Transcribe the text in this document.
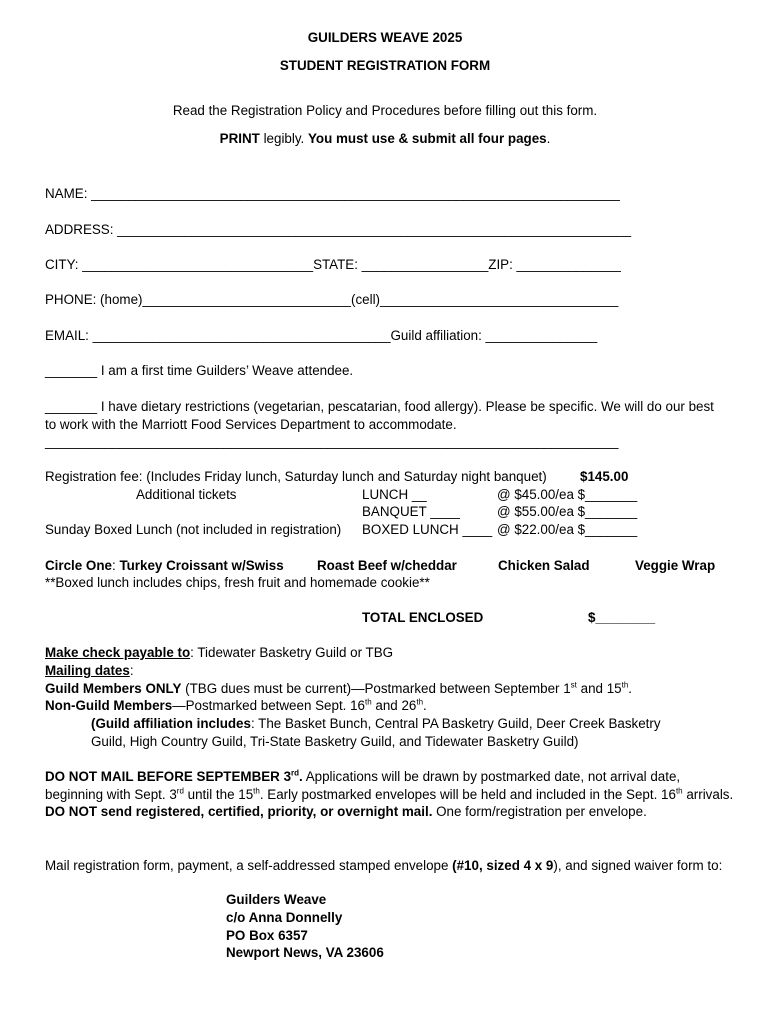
GUILDERS WEAVE 2025
STUDENT REGISTRATION FORM
Read the Registration Policy and Procedures before filling out this form.
PRINT legibly. You must use & submit all four pages.
NAME: _______________________________________________________________________
ADDRESS: _____________________________________________________________________
CITY: _______________________________STATE: _________________ZIP: ______________
PHONE: (home)____________________________(cell)________________________________
EMAIL: ________________________________________Guild affiliation: _______________
_______ I am a first time Guilders’ Weave attendee.
_______ I have dietary restrictions (vegetarian, pescatarian, food allergy). Please be specific. We will do our best
to work with the Marriott Food Services Department to accommodate.
_____________________________________________________________________________
Registration fee: (Includes Friday lunch, Saturday lunch and Saturday night banquet) $145.00
Additional tickets	LUNCH __	@ $45.00/ea $_______
BANQUET ____	@ $55.00/ea $_______
Sunday Boxed Lunch (not included in registration) BOXED LUNCH ____ @ $22.00/ea $_______
Circle One: Turkey Croissant w/Swiss Roast Beef w/cheddar	Chicken Salad	Veggie Wrap
**Boxed lunch includes chips, fresh fruit and homemade cookie**
TOTAL ENCLOSED	$________
Make check payable to: Tidewater Basketry Guild or TBG
Mailing dates:
Guild Members ONLY (TBG dues must be current)—Postmarked between September 1st and 15th.
Non-Guild Members—Postmarked between Sept. 16th and 26th.
(Guild affiliation includes: The Basket Bunch, Central PA Basketry Guild, Deer Creek Basketry
Guild, High Country Guild, Tri-State Basketry Guild, and Tidewater Basketry Guild)
DO NOT MAIL BEFORE SEPTEMBER 3rd. Applications will be drawn by postmarked date, not arrival date, beginning with Sept. 3rd until the 15th. Early postmarked envelopes will be held and included in the Sept. 16th arrivals. DO NOT send registered, certified, priority, or overnight mail. One form/registration per envelope.
Mail registration form, payment, a self-addressed stamped envelope (#10, sized 4 x 9), and signed waiver form to:
Guilders Weave
c/o Anna Donnelly
PO Box 6357
Newport News, VA 23606
